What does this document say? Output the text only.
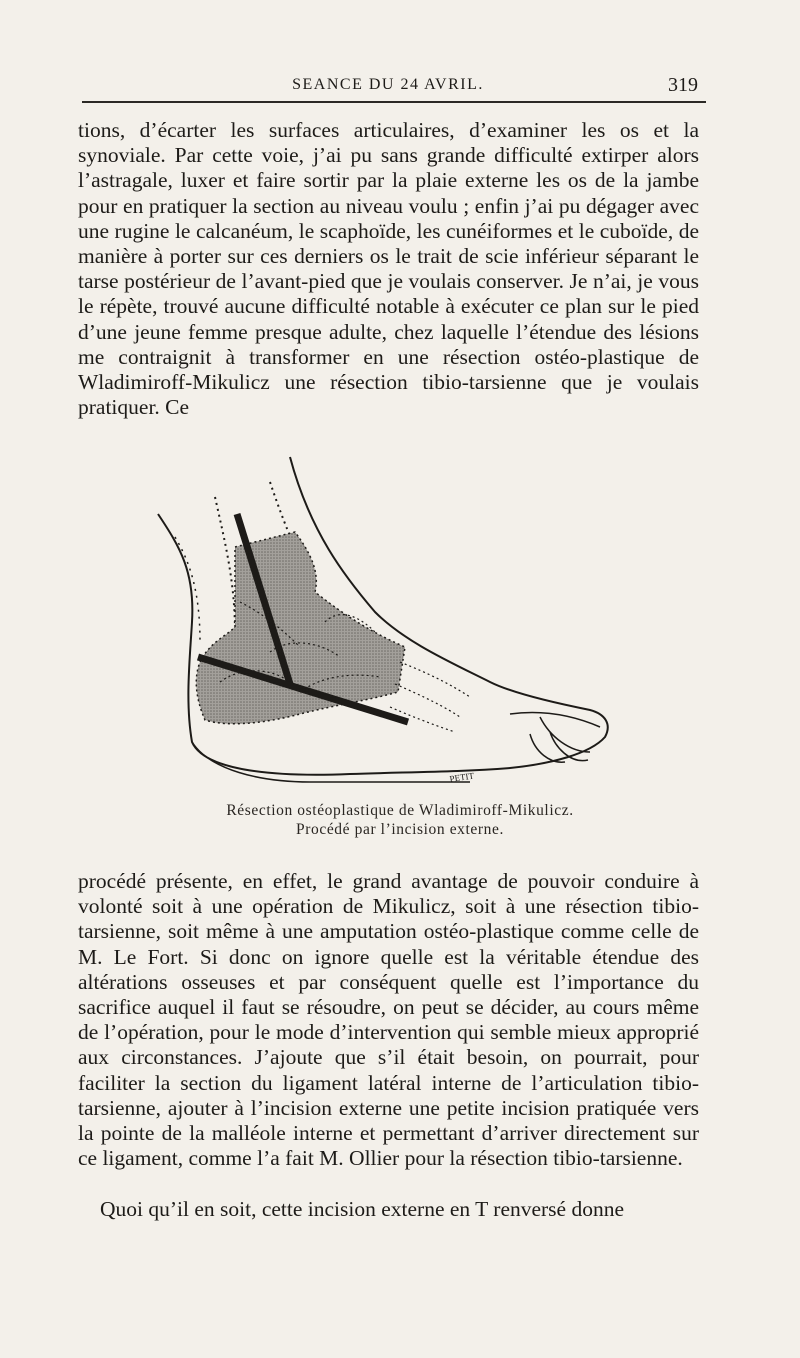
SEANCE DU 24 AVRIL.	319

tions, d’écarter les surfaces articulaires, d’examiner les os et la synoviale. Par cette voie, j’ai pu sans grande difficulté extirper alors l’astragale, luxer et faire sortir par la plaie externe les os de la jambe pour en pratiquer la section au niveau voulu ; enfin j’ai pu dégager avec une rugine le calcanéum, le scaphoïde, les cunéiformes et le cuboïde, de manière à porter sur ces derniers os le trait de scie inférieur séparant le tarse postérieur de l’avant-pied que je voulais conserver. Je n’ai, je vous le répète, trouvé aucune difficulté notable à exécuter ce plan sur le pied d’une jeune femme presque adulte, chez laquelle l’étendue des lésions me contraignit à transformer en une résection ostéo-plastique de Wladimiroff-Mikulicz une résection tibio-tarsienne que je voulais pratiquer. Ce

PETIT
Résection ostéoplastique de Wladimiroff-Mikulicz.
Procédé par l’incision externe.

procédé présente, en effet, le grand avantage de pouvoir conduire à volonté soit à une opération de Mikulicz, soit à une résection tibio-tarsienne, soit même à une amputation ostéo-plastique comme celle de M. Le Fort. Si donc on ignore quelle est la véritable étendue des altérations osseuses et par conséquent quelle est l’importance du sacrifice auquel il faut se résoudre, on peut se décider, au cours même de l’opération, pour le mode d’intervention qui semble mieux approprié aux circonstances. J’ajoute que s’il était besoin, on pourrait, pour faciliter la section du ligament latéral interne de l’articulation tibio-tarsienne, ajouter à l’incision externe une petite incision pratiquée vers la pointe de la malléole interne et permettant d’arriver directement sur ce ligament, comme l’a fait M. Ollier pour la résection tibio-tarsienne.

Quoi qu’il en soit, cette incision externe en T renversé donne
